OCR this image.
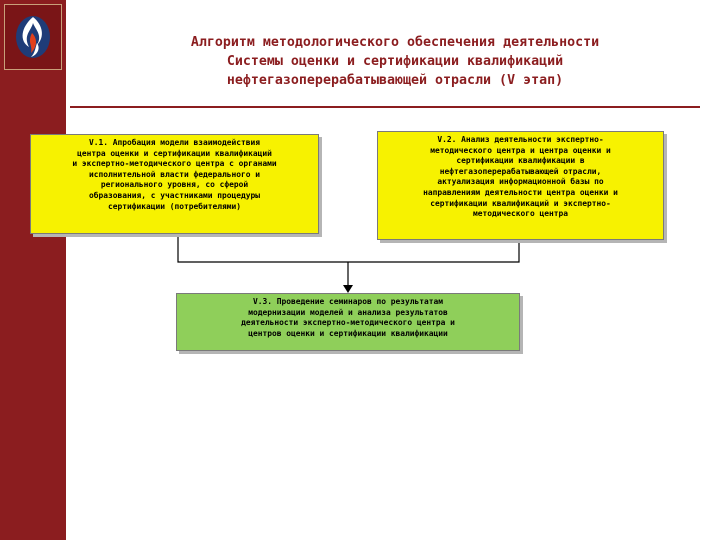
Алгоритм методологического обеспечения деятельности
Системы оценки и сертификации квалификаций
нефтегазоперерабатывающей отрасли (V этап)
V.1. Апробация модели взаимодействия
центра оценки и сертификации квалификаций
и экспертно-методического центра с органами
исполнительной власти федерального и
регионального уровня, со сферой
образования, с участниками процедуры
сертификации (потребителями)
V.2. Анализ деятельности экспертно-
методического центра и центра оценки и
сертификации квалификации в
нефтегазоперерабатывающей отрасли,
актуализация информационной базы по
направлениям деятельности центра оценки и
сертификации квалификаций и экспертно-
методического центра
V.3. Проведение семинаров по результатам
модернизации моделей и анализа результатов
деятельности экспертно-методического центра и
центров оценки и сертификации квалификации
